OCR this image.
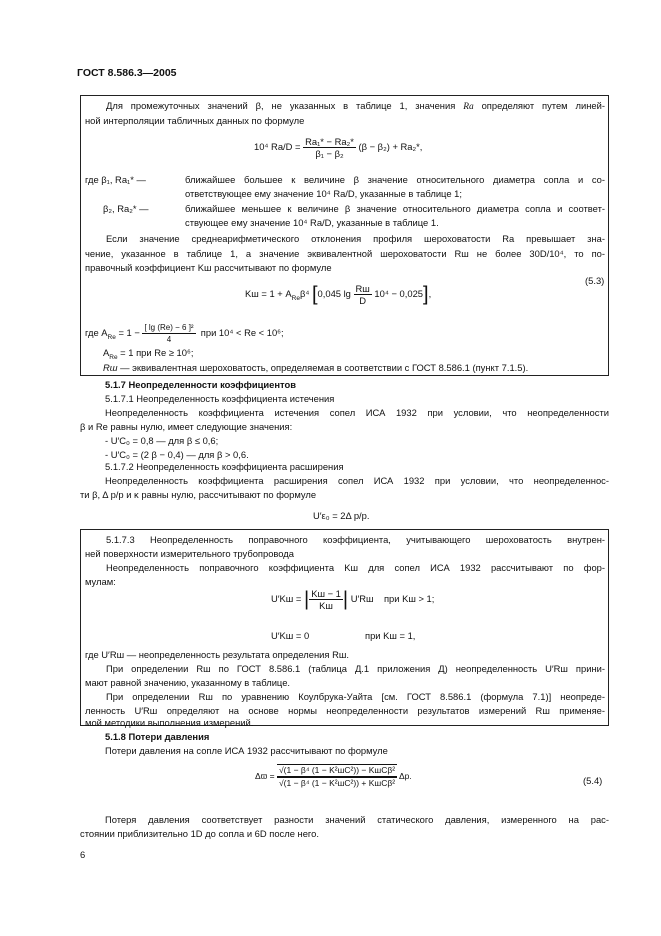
ГОСТ 8.586.3—2005
Для промежуточных значений β, не указанных в таблице 1, значения Ra определяют путем линей-
ной интерполяции табличных данных по формуле
10⁴ $Ra/D = \frac{\text{Ra₁* − Ra₂*}}{\text{β₁ − β₂}} (\beta - \beta_2) + Ra_2*$,
где β₁, Ra₁* —	ближайшее большее к величине β значение относительного диаметра сопла и со-
ответствующее ему значение 10⁴ Ra/D, указанные в таблице 1;
β₂, Ra₂* —	ближайшее меньшее к величине β значение относительного диаметра сопла и соответ-
ствующее ему значение 10⁴ Ra/D, указанные в таблице 1.
Если значение среднеарифметического отклонения профиля шероховатости Ra превышает зна-
чение, указанное в таблице 1, а значение эквивалентной шероховатости Rш не более 30D/10⁴, то по-
правочный коэффициент Kш рассчитывают по формуле
Kш = $1 + A_{Re}\beta^4$ [0,045 $\lg \frac{Rш}{D} 10^4 - 0,025$],
(5.3)
где $A_{Re} = 1 - \frac{\text{[ lg (Re) − 6 ]²}}{4}$ при 10⁴ < Re < 10⁶;
$A_{Re} = 1$ при Re ≥ 10⁶;
Rш — эквивалентная шероховатость, определяемая в соответствии с ГОСТ 8.586.1 (пункт 7.1.5).
5.1.7 Неопределенности коэффициентов
5.1.7.1 Неопределенность коэффициента истечения
Неопределенность коэффициента истечения сопел ИСА 1932 при условии, что неопределенности
β и Re равны нулю, имеет следующие значения:
- U′C₀ = 0,8 — для β ≤ 0,6;
- U′C₀ = (2 β − 0,4) — для β > 0,6.
5.1.7.2 Неопределенность коэффициента расширения
Неопределенность коэффициента расширения сопел ИСА 1932 при условии, что неопределеннос-
ти β, Δ p/p и κ равны нулю, рассчитывают по формуле
U′ε₀ = 2Δ p/p.
5.1.7.3 Неопределенность поправочного коэффициента, учитывающего шероховатость внутрен-
ней поверхности измерительного трубопровода
Неопределенность поправочного коэффициента Kш для сопел ИСА 1932 рассчитывают по фор-
мулам:
U′Kш = | $\frac{Kш - 1}{Kш}$ | U′Rш при Kш > 1;
U′Kш = 0	при Kш = 1,
где U′Rш — неопределенность результата определения Rш.
При определении Rш по ГОСТ 8.586.1 (таблица Д.1 приложения Д) неопределенность U′Rш прини-
мают равной значению, указанному в таблице.
При определении Rш по уравнению Коулбрука-Уайта [см. ГОСТ 8.586.1 (формула 7.1)] неопреде-
ленность U′Rш определяют на основе нормы неопределенности результатов измерений Rш применяе-
мой методики выполнения измерений.
5.1.8 Потери давления
Потери давления на сопле ИСА 1932 рассчитывают по формуле
$\Delta ϖ = \frac{\text{√(1 − β⁴ (1 − K²шC²)) − KшCβ²}}{\text{√(1 − β⁴ (1 − K²шC²)) + KшCβ²}} \Delta p$.	(5.4)
Потеря давления соответствует разности значений статического давления, измеренного на рас-
стоянии приблизительно 1D до сопла и 6D после него.
6
